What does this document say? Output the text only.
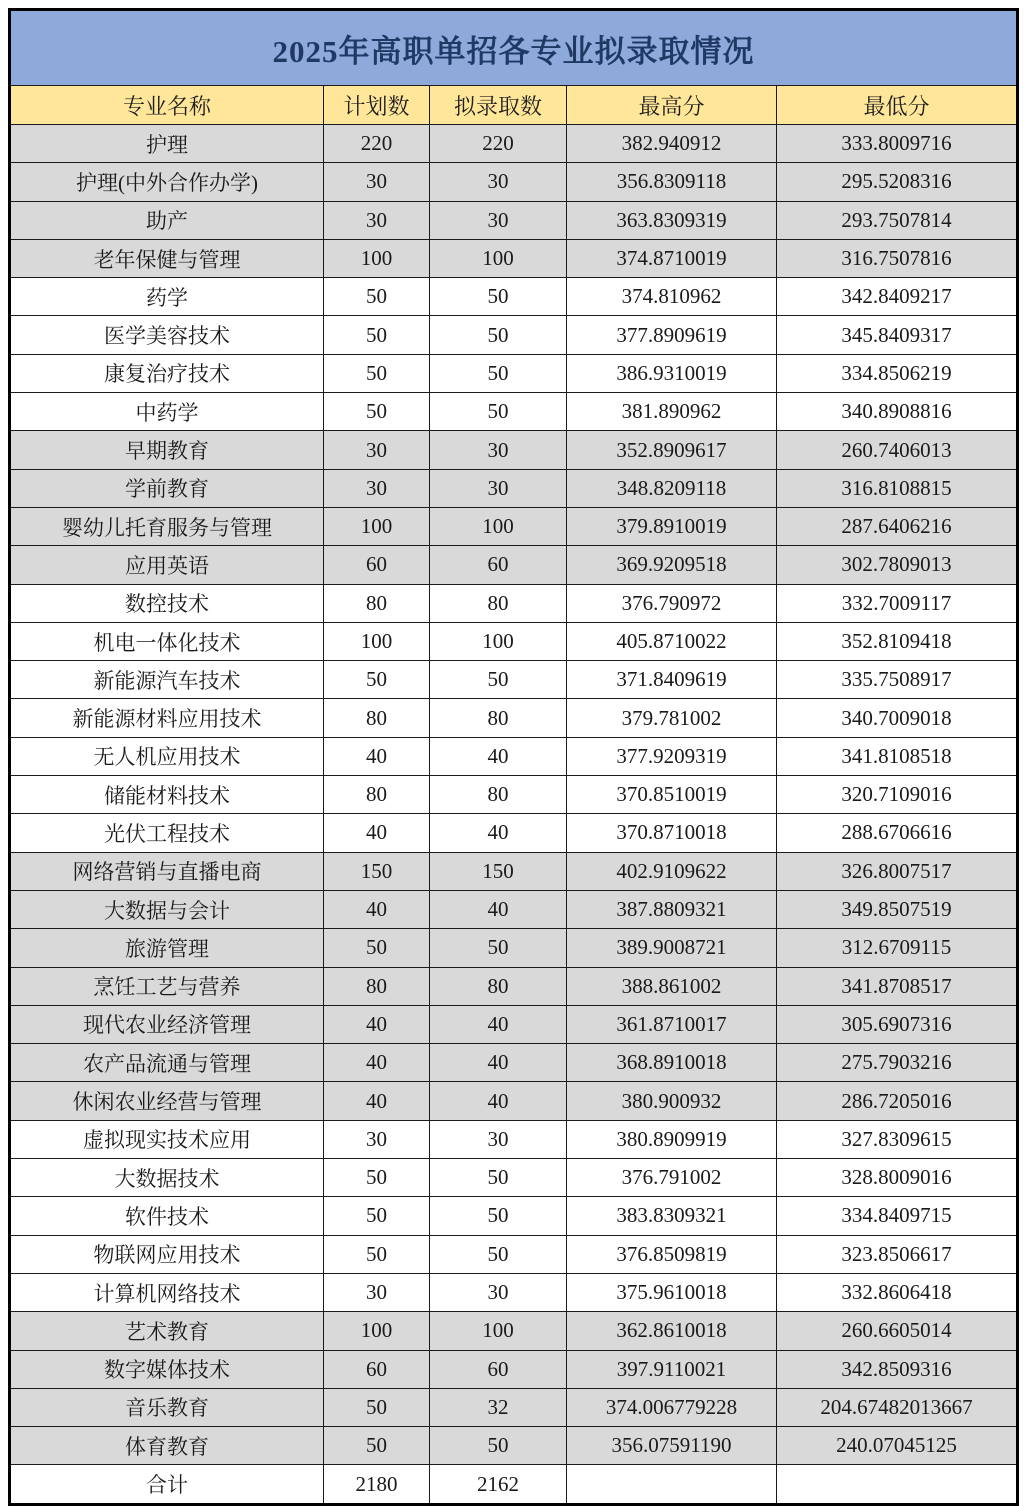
2025年高职单招各专业拟录取情况				
专业名称	计划数	拟录取数	最高分	最低分
护理	220	220	382.940912	333.8009716
护理(中外合作办学)	30	30	356.8309118	295.5208316
助产	30	30	363.8309319	293.7507814
老年保健与管理	100	100	374.8710019	316.7507816
药学	50	50	374.810962	342.8409217
医学美容技术	50	50	377.8909619	345.8409317
康复治疗技术	50	50	386.9310019	334.8506219
中药学	50	50	381.890962	340.8908816
早期教育	30	30	352.8909617	260.7406013
学前教育	30	30	348.8209118	316.8108815
婴幼儿托育服务与管理	100	100	379.8910019	287.6406216
应用英语	60	60	369.9209518	302.7809013
数控技术	80	80	376.790972	332.7009117
机电一体化技术	100	100	405.8710022	352.8109418
新能源汽车技术	50	50	371.8409619	335.7508917
新能源材料应用技术	80	80	379.781002	340.7009018
无人机应用技术	40	40	377.9209319	341.8108518
储能材料技术	80	80	370.8510019	320.7109016
光伏工程技术	40	40	370.8710018	288.6706616
网络营销与直播电商	150	150	402.9109622	326.8007517
大数据与会计	40	40	387.8809321	349.8507519
旅游管理	50	50	389.9008721	312.6709115
烹饪工艺与营养	80	80	388.861002	341.8708517
现代农业经济管理	40	40	361.8710017	305.6907316
农产品流通与管理	40	40	368.8910018	275.7903216
休闲农业经营与管理	40	40	380.900932	286.7205016
虚拟现实技术应用	30	30	380.8909919	327.8309615
大数据技术	50	50	376.791002	328.8009016
软件技术	50	50	383.8309321	334.8409715
物联网应用技术	50	50	376.8509819	323.8506617
计算机网络技术	30	30	375.9610018	332.8606418
艺术教育	100	100	362.8610018	260.6605014
数字媒体技术	60	60	397.9110021	342.8509316
音乐教育	50	32	374.006779228	204.67482013667
体育教育	50	50	356.07591190	240.07045125
合计	2180	2162		
